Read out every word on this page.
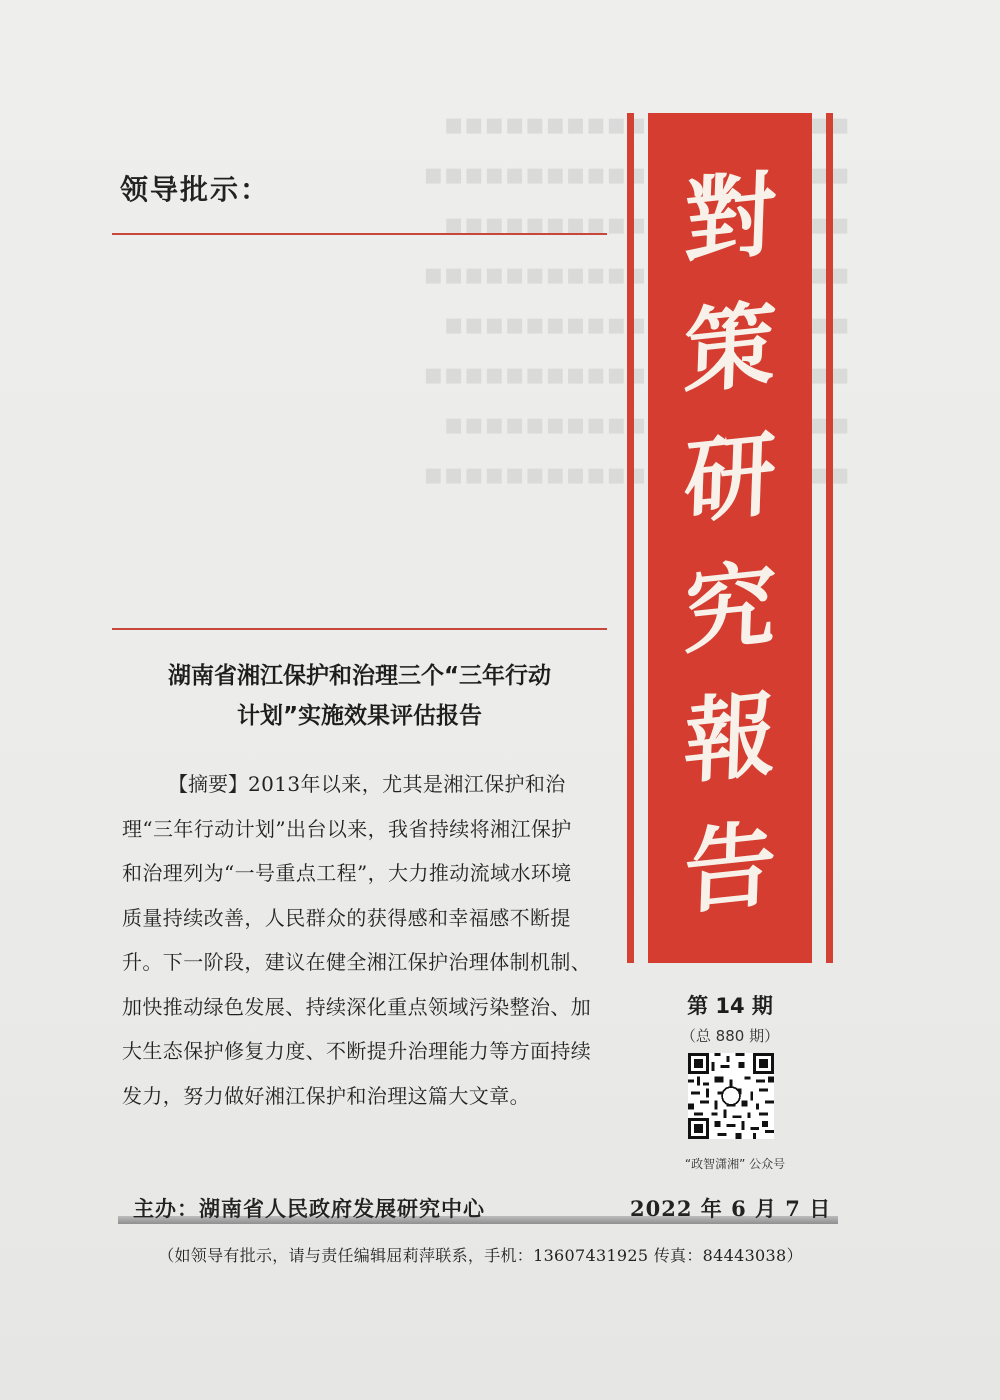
▪▪▪▪▪▪▪▪▪▪▪▪▪▪▪▪▪▪▪▪
▪▪▪▪▪▪▪▪▪▪▪▪▪▪▪▪▪▪▪▪▪
▪▪▪▪▪▪▪▪▪▪▪▪▪▪▪▪▪▪▪▪
▪▪▪▪▪▪▪▪▪▪▪▪▪▪▪▪▪▪▪▪▪
▪▪▪▪▪▪▪▪▪▪▪▪▪▪▪▪▪▪▪▪
▪▪▪▪▪▪▪▪▪▪▪▪▪▪▪▪▪▪▪▪▪
▪▪▪▪▪▪▪▪▪▪▪▪▪▪▪▪▪▪▪▪
▪▪▪▪▪▪▪▪▪▪▪▪▪▪▪▪▪▪▪▪▪
领导批示：
湖南省湘江保护和治理三个“三年行动
计划”实施效果评估报告
【摘要】2013年以来，尤其是湘江保护和治理“三年行动计划”出台以来，我省持续将湘江保护和治理列为“一号重点工程”，大力推动流域水环境质量持续改善，人民群众的获得感和幸福感不断提升。下一阶段，建议在健全湘江保护治理体制机制、加快推动绿色发展、持续深化重点领域污染整治、加大生态保护修复力度、不断提升治理能力等方面持续发力，努力做好湘江保护和治理这篇大文章。
對
策
研
究
報
告
第 14 期
（总 880 期）
“政智潇湘” 公众号
主办：湖南省人民政府发展研究中心	2022 年 6 月 7 日
（如领导有批示，请与责任编辑屈莉萍联系，手机：13607431925 传真：84443038）
